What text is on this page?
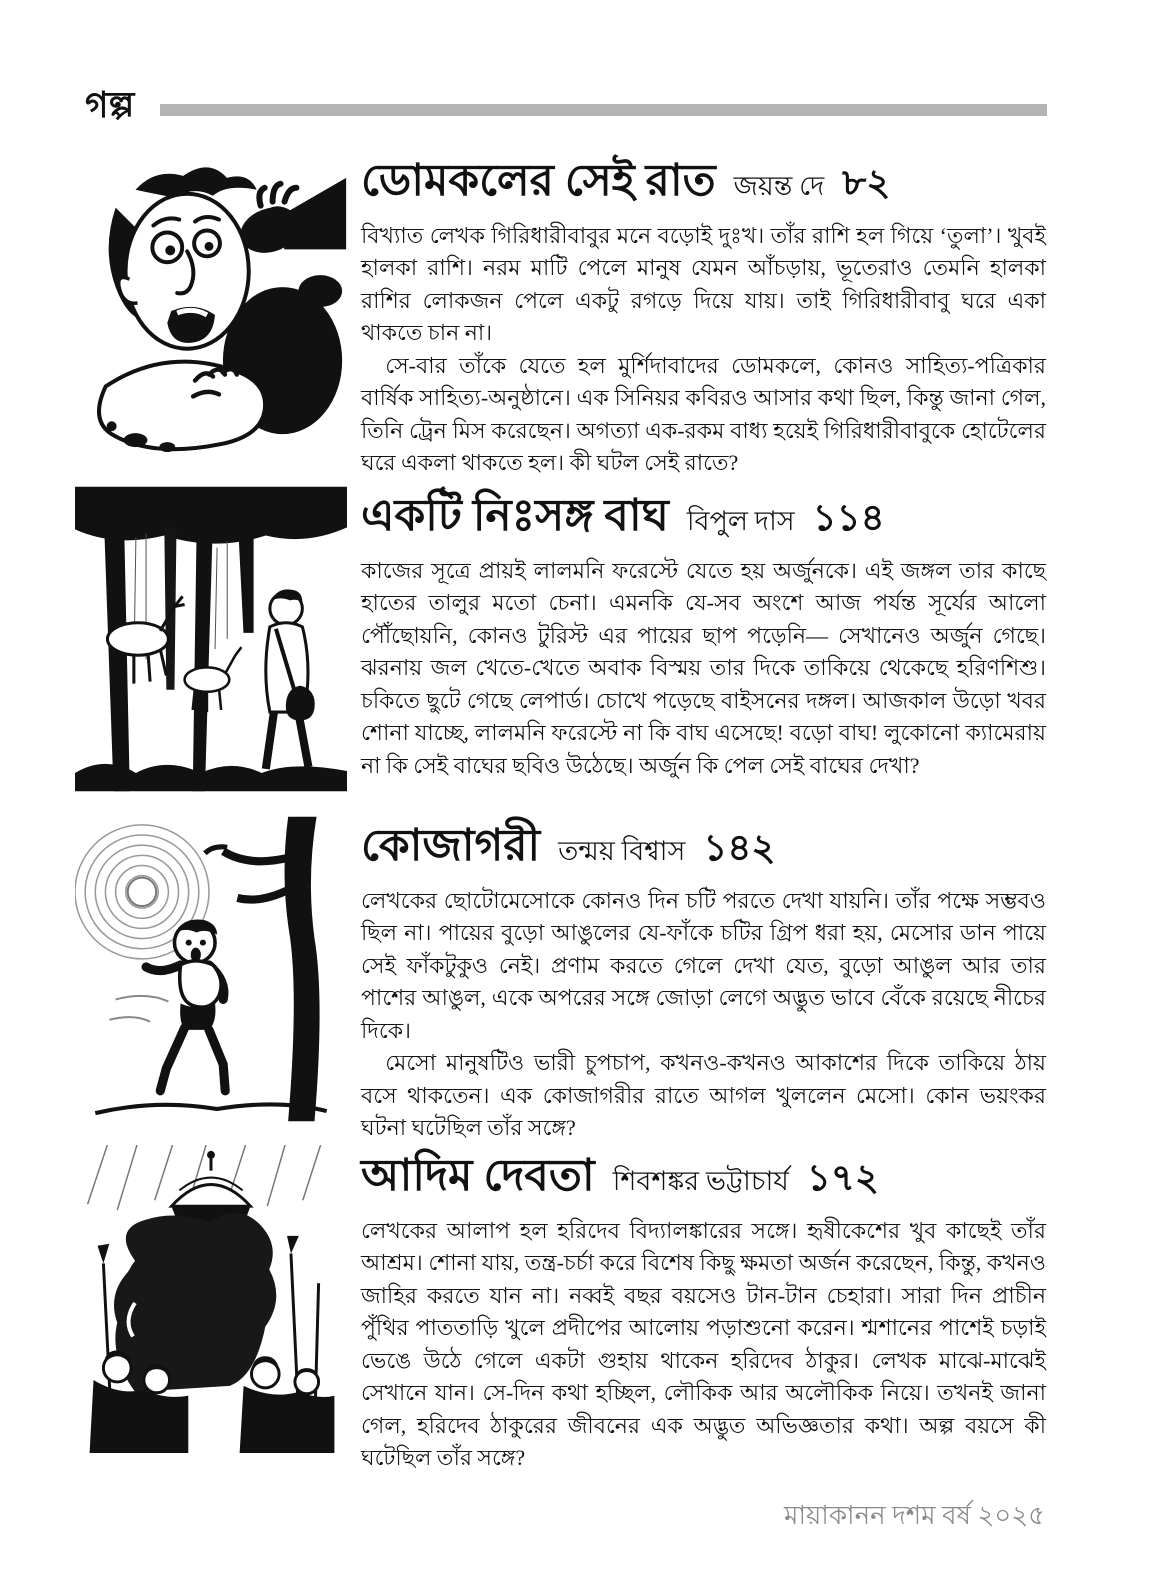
গল্প
ডোমকলের সেই রাত জয়ন্ত দে ৮২

বিখ্যাত লেখক গিরিধারীবাবুর মনে বড়োই দুঃখ। তাঁর রাশি হল গিয়ে ‘তুলা’। খুবই হালকা রাশি। নরম মাটি পেলে মানুষ যেমন আঁচড়ায়, ভূতেরাও তেমনি হালকা রাশির লোকজন পেলে একটু রগড়ে দিয়ে যায়। তাই গিরিধারীবাবু ঘরে একা থাকতে চান না।

সে-বার তাঁকে যেতে হল মুর্শিদাবাদের ডোমকলে, কোনও সাহিত্য-পত্রিকার বার্ষিক সাহিত্য-অনুষ্ঠানে। এক সিনিয়র কবিরও আসার কথা ছিল, কিন্তু জানা গেল, তিনি ট্রেন মিস করেছেন। অগত্যা এক-রকম বাধ্য হয়েই গিরিধারীবাবুকে হোটেলের ঘরে একলা থাকতে হল। কী ঘটল সেই রাতে?

একটি নিঃসঙ্গ বাঘ বিপুল দাস ১১৪

কাজের সূত্রে প্রায়ই লালমনি ফরেস্টে যেতে হয় অর্জুনকে। এই জঙ্গল তার কাছে হাতের তালুর মতো চেনা। এমনকি যে-সব অংশে আজ পর্যন্ত সূর্যের আলো পৌঁছোয়নি, কোনও টুরিস্ট এর পায়ের ছাপ পড়েনি— সেখানেও অর্জুন গেছে। ঝরনায় জল খেতে-খেতে অবাক বিস্ময় তার দিকে তাকিয়ে থেকেছে হরিণশিশু। চকিতে ছুটে গেছে লেপার্ড। চোখে পড়েছে বাইসনের দঙ্গল। আজকাল উড়ো খবর শোনা যাচ্ছে, লালমনি ফরেস্টে না কি বাঘ এসেছে! বড়ো বাঘ! লুকোনো ক্যামেরায় না কি সেই বাঘের ছবিও উঠেছে। অর্জুন কি পেল সেই বাঘের দেখা?

কোজাগরী তন্ময় বিশ্বাস ১৪২

লেখকের ছোটোমেসোকে কোনও দিন চটি পরতে দেখা যায়নি। তাঁর পক্ষে সম্ভবও ছিল না। পায়ের বুড়ো আঙুলের যে-ফাঁকে চটির গ্রিপ ধরা হয়, মেসোর ডান পায়ে সেই ফাঁকটুকুও নেই। প্রণাম করতে গেলে দেখা যেত, বুড়ো আঙুল আর তার পাশের আঙুল, একে অপরের সঙ্গে জোড়া লেগে অদ্ভুত ভাবে বেঁকে রয়েছে নীচের দিকে।

মেসো মানুষটিও ভারী চুপচাপ, কখনও-কখনও আকাশের দিকে তাকিয়ে ঠায় বসে থাকতেন। এক কোজাগরীর রাতে আগল খুললেন মেসো। কোন ভয়ংকর ঘটনা ঘটেছিল তাঁর সঙ্গে?

আদিম দেবতা শিবশঙ্কর ভট্টাচার্য ১৭২

লেখকের আলাপ হল হরিদেব বিদ্যালঙ্কারের সঙ্গে। হৃষীকেশের খুব কাছেই তাঁর আশ্রম। শোনা যায়, তন্ত্র-চর্চা করে বিশেষ কিছু ক্ষমতা অর্জন করেছেন, কিন্তু, কখনও জাহির করতে যান না। নব্বই বছর বয়সেও টান-টান চেহারা। সারা দিন প্রাচীন পুঁথির পাততাড়ি খুলে প্রদীপের আলোয় পড়াশুনো করেন। শ্মশানের পাশেই চড়াই ভেঙে উঠে গেলে একটা গুহায় থাকেন হরিদেব ঠাকুর। লেখক মাঝে-মাঝেই সেখানে যান। সে-দিন কথা হচ্ছিল, লৌকিক আর অলৌকিক নিয়ে। তখনই জানা গেল, হরিদেব ঠাকুরের জীবনের এক অদ্ভুত অভিজ্ঞতার কথা। অল্প বয়সে কী ঘটেছিল তাঁর সঙ্গে?

মায়াকানন দশম বর্ষ ২০২৫
